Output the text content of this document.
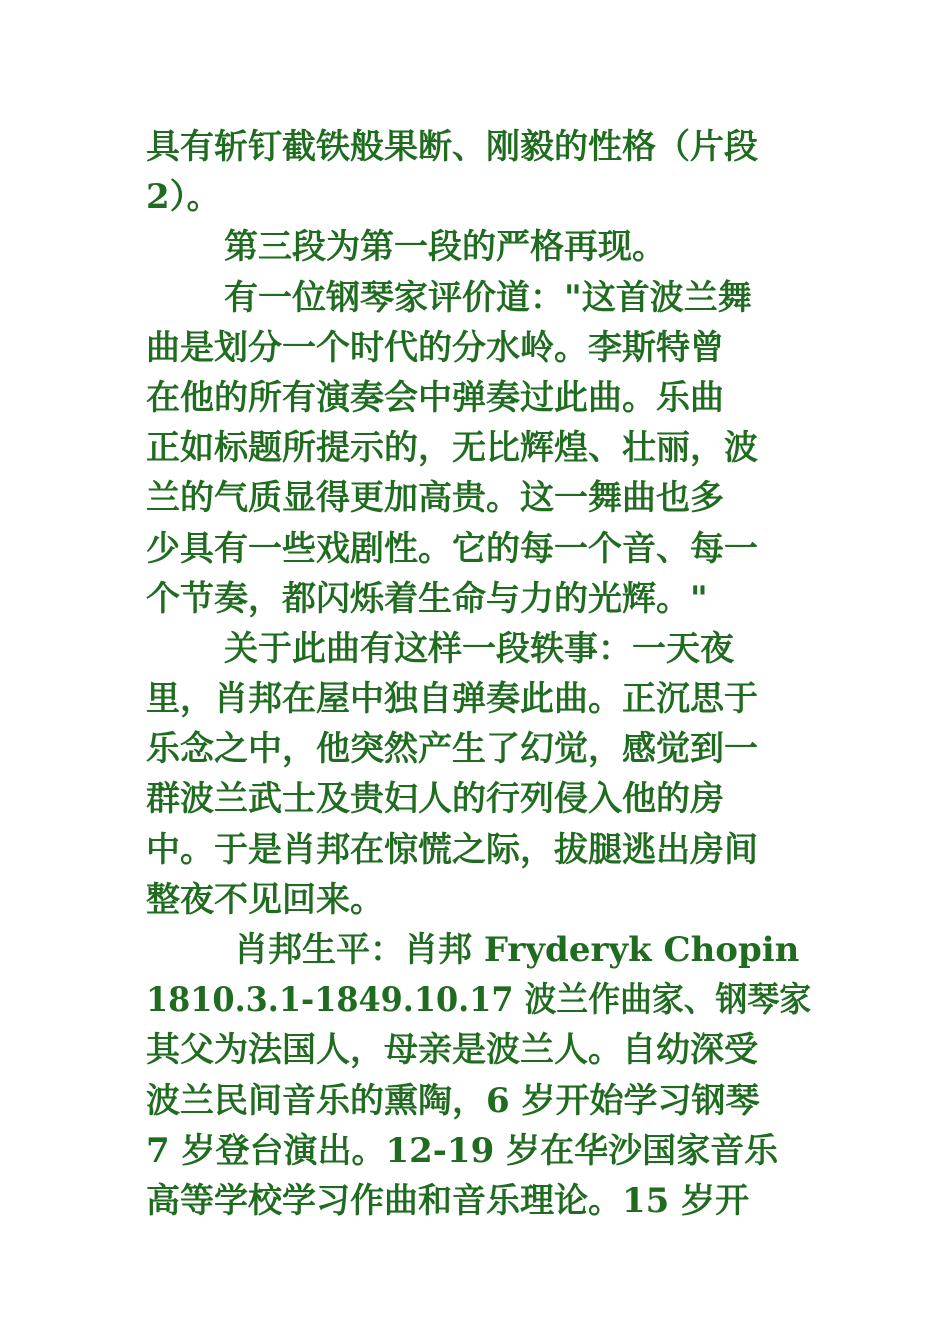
具有斩钉截铁般果断、刚毅的性格（片段
2）。
第三段为第一段的严格再现。
有一位钢琴家评价道："这首波兰舞
曲是划分一个时代的分水岭。李斯特曾
在他的所有演奏会中弹奏过此曲。乐曲
正如标题所提示的，无比辉煌、壮丽，波
兰的气质显得更加高贵。这一舞曲也多
少具有一些戏剧性。它的每一个音、每一
个节奏，都闪烁着生命与力的光辉。"
关于此曲有这样一段轶事：一天夜
里，肖邦在屋中独自弹奏此曲。正沉思于
乐念之中，他突然产生了幻觉，感觉到一
群波兰武士及贵妇人的行列侵入他的房
中。于是肖邦在惊慌之际，拔腿逃出房间
整夜不见回来。
肖邦生平：肖邦 Fryderyk Chopin
1810.3.1-1849.10.17 波兰作曲家、钢琴家
其父为法国人，母亲是波兰人。自幼深受
波兰民间音乐的熏陶，6 岁开始学习钢琴
7 岁登台演出。12-19 岁在华沙国家音乐
高等学校学习作曲和音乐理论。15 岁开
